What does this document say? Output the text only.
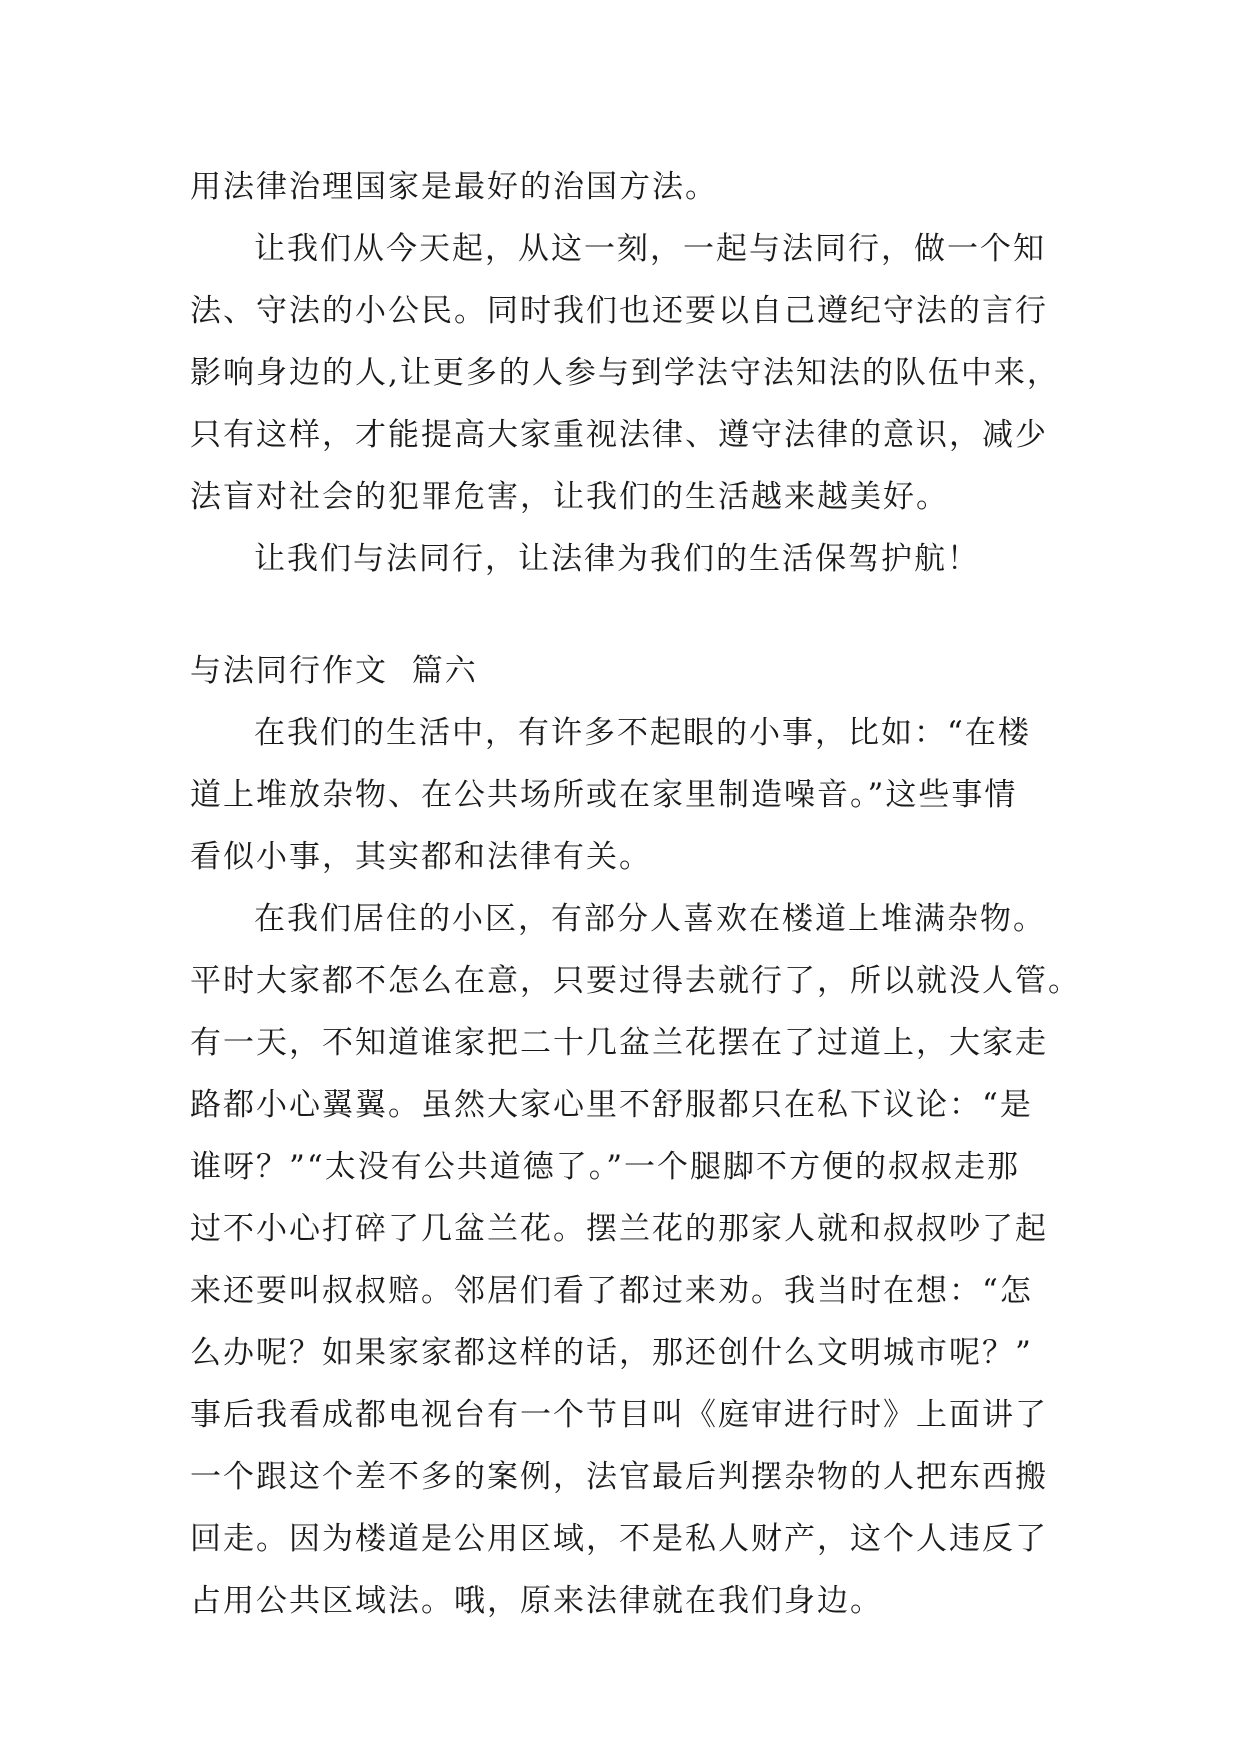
用法律治理国家是最好的治国方法。
让我们从今天起，从这一刻，一起与法同行，做一个知
法、守法的小公民。同时我们也还要以自己遵纪守法的言行
影响身边的人,让更多的人参与到学法守法知法的队伍中来，
只有这样，才能提高大家重视法律、遵守法律的意识，减少
法盲对社会的犯罪危害，让我们的生活越来越美好。
让我们与法同行，让法律为我们的生活保驾护航！
与法同行作文  篇六
在我们的生活中，有许多不起眼的小事，比如：“在楼
道上堆放杂物、在公共场所或在家里制造噪音。”这些事情
看似小事，其实都和法律有关。
在我们居住的小区，有部分人喜欢在楼道上堆满杂物。
平时大家都不怎么在意，只要过得去就行了，所以就没人管。
有一天，不知道谁家把二十几盆兰花摆在了过道上，大家走
路都小心翼翼。虽然大家心里不舒服都只在私下议论：“是
谁呀？”“太没有公共道德了。”一个腿脚不方便的叔叔走那
过不小心打碎了几盆兰花。摆兰花的那家人就和叔叔吵了起
来还要叫叔叔赔。邻居们看了都过来劝。我当时在想：“怎
么办呢？如果家家都这样的话，那还创什么文明城市呢？”
事后我看成都电视台有一个节目叫《庭审进行时》上面讲了
一个跟这个差不多的案例，法官最后判摆杂物的人把东西搬
回走。因为楼道是公用区域，不是私人财产，这个人违反了
占用公共区域法。哦，原来法律就在我们身边。
